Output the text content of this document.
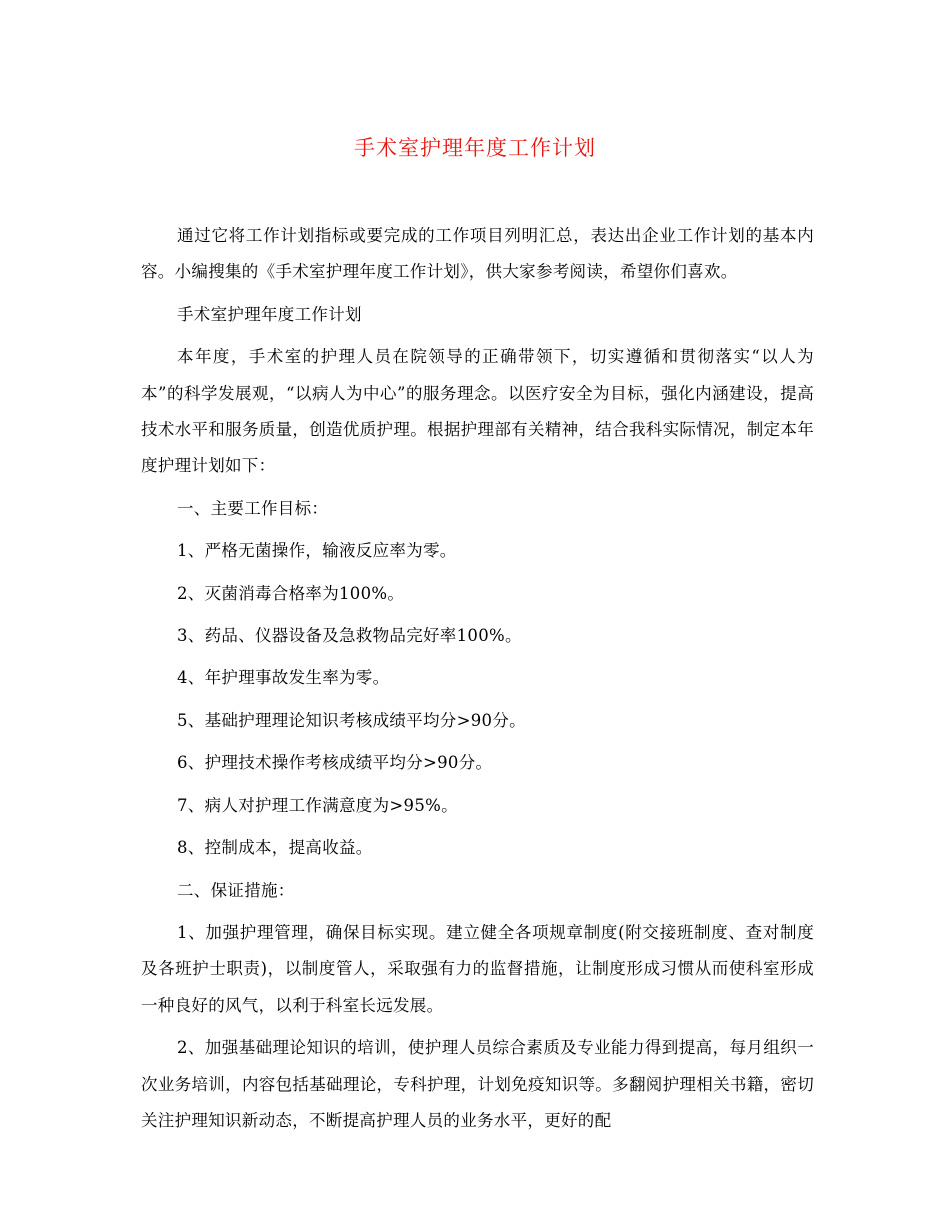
手术室护理年度工作计划

通过它将工作计划指标或要完成的工作项目列明汇总，表达出企业工作计划的基本内容。小编搜集的《手术室护理年度工作计划》，供大家参考阅读，希望你们喜欢。

手术室护理年度工作计划

本年度，手术室的护理人员在院领导的正确带领下，切实遵循和贯彻落实“以人为本”的科学发展观，“以病人为中心”的服务理念。以医疗安全为目标，强化内涵建设，提高技术水平和服务质量，创造优质护理。根据护理部有关精神，结合我科实际情况，制定本年度护理计划如下：

一、主要工作目标：

1、严格无菌操作，输液反应率为零。

2、灭菌消毒合格率为100%。

3、药品、仪器设备及急救物品完好率100%。

4、年护理事故发生率为零。

5、基础护理理论知识考核成绩平均分>90分。

6、护理技术操作考核成绩平均分>90分。

7、病人对护理工作满意度为>95%。

8、控制成本，提高收益。

二、保证措施：

1、加强护理管理，确保目标实现。建立健全各项规章制度(附交接班制度、查对制度及各班护士职责)，以制度管人，采取强有力的监督措施，让制度形成习惯从而使科室形成一种良好的风气，以利于科室长远发展。

2、加强基础理论知识的培训，使护理人员综合素质及专业能力得到提高，每月组织一次业务培训，内容包括基础理论，专科护理，计划免疫知识等。多翻阅护理相关书籍，密切关注护理知识新动态，不断提高护理人员的业务水平，更好的配
